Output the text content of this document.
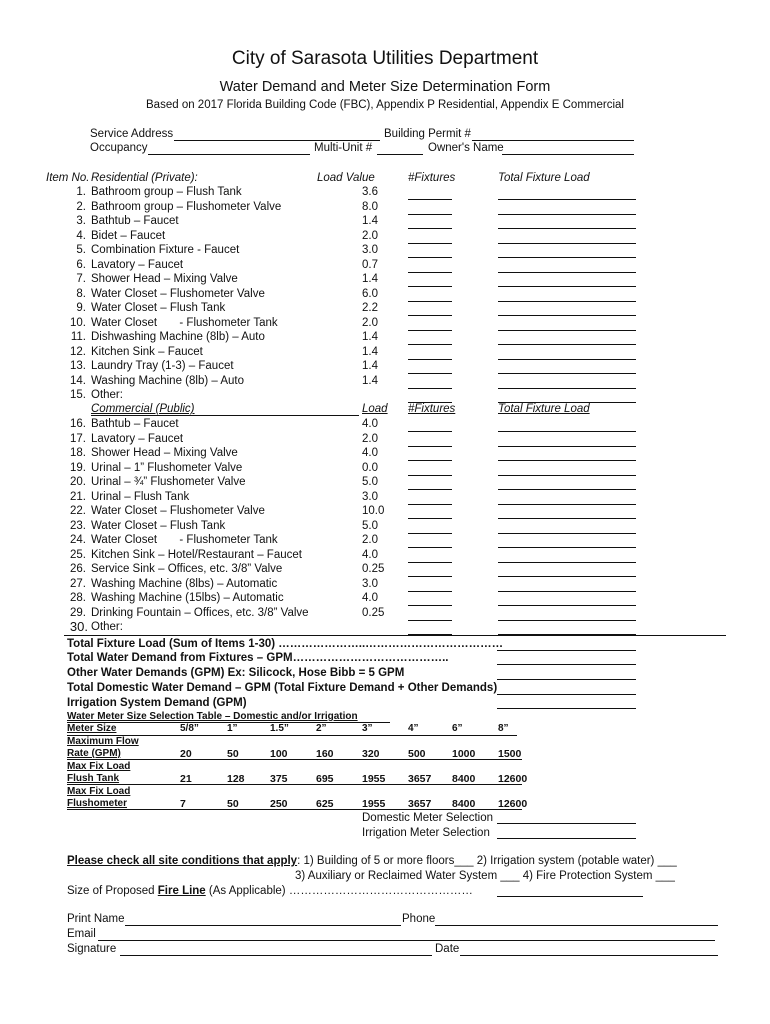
City of Sarasota Utilities Department
Water Demand and Meter Size Determination Form
Based on 2017 Florida Building Code (FBC), Appendix P Residential, Appendix E Commercial
Service Address	Building Permit #
Occupancy	Multi-Unit #	Owner's Name
Item No. Residential (Private):	Load Value	#Fixtures	Total Fixture Load
1. Bathroom group – Flush Tank	3.6
2. Bathroom group – Flushometer Valve	8.0
3. Bathtub – Faucet	1.4
4. Bidet – Faucet	2.0
5. Combination Fixture - Faucet	3.0
6. Lavatory – Faucet	0.7
7. Shower Head – Mixing Valve	1.4
8. Water Closet – Flushometer Valve	6.0
9. Water Closet – Flush Tank	2.2
10. Water Closet       - Flushometer Tank	2.0
11. Dishwashing Machine (8lb) – Auto	1.4
12. Kitchen Sink – Faucet	1.4
13. Laundry Tray (1-3) – Faucet	1.4
14. Washing Machine (8lb) – Auto	1.4
15. Other:
Commercial (Public)	Load #Fixtures	Total Fixture Load
16. Bathtub – Faucet	4.0
17. Lavatory – Faucet	2.0
18. Shower Head – Mixing Valve	4.0
19. Urinal – 1” Flushometer Valve	0.0
20. Urinal – ¾” Flushometer Valve	5.0
21. Urinal – Flush Tank	3.0
22. Water Closet – Flushometer Valve	10.0
23. Water Closet – Flush Tank	5.0
24. Water Closet       - Flushometer Tank	2.0
25. Kitchen Sink – Hotel/Restaurant – Faucet	4.0
26. Service Sink – Offices, etc. 3/8” Valve	0.25
27. Washing Machine (8lbs) – Automatic	3.0
28. Washing Machine (15lbs) – Automatic	4.0
29. Drinking Fountain – Offices, etc. 3/8” Valve	0.25
30. Other:
Total Fixture Load (Sum of Items 1-30) …………………..………………………………
Total Water Demand from Fixtures – GPM…………………………………..
Other Water Demands (GPM) Ex: Silicock, Hose Bibb = 5 GPM
Total Domestic Water Demand – GPM (Total Fixture Demand + Other Demands)
Irrigation System Demand (GPM)
Water Meter Size Selection Table – Domestic and/or Irrigation
Meter Size	5/8”	1”	1.5”	2”	3”	4”	6”	8”
Maximum Flow
Rate (GPM)	20	50	100	160	320	500	1000 1500
Max Fix Load
Flush Tank	21	128 375	695	1955 3657 8400 12600
Max Fix Load
Flushometer	7	50	250	625	1955 3657 8400 12600
Domestic Meter Selection
Irrigation Meter Selection
Please check all site conditions that apply: 1) Building of 5 or more floors___ 2) Irrigation system (potable water) ___
3) Auxiliary or Reclaimed Water System ___ 4) Fire Protection System ___
Size of Proposed Fire Line (As Applicable) …………………………………………
Print Name	Phone
Email
Signature	Date
